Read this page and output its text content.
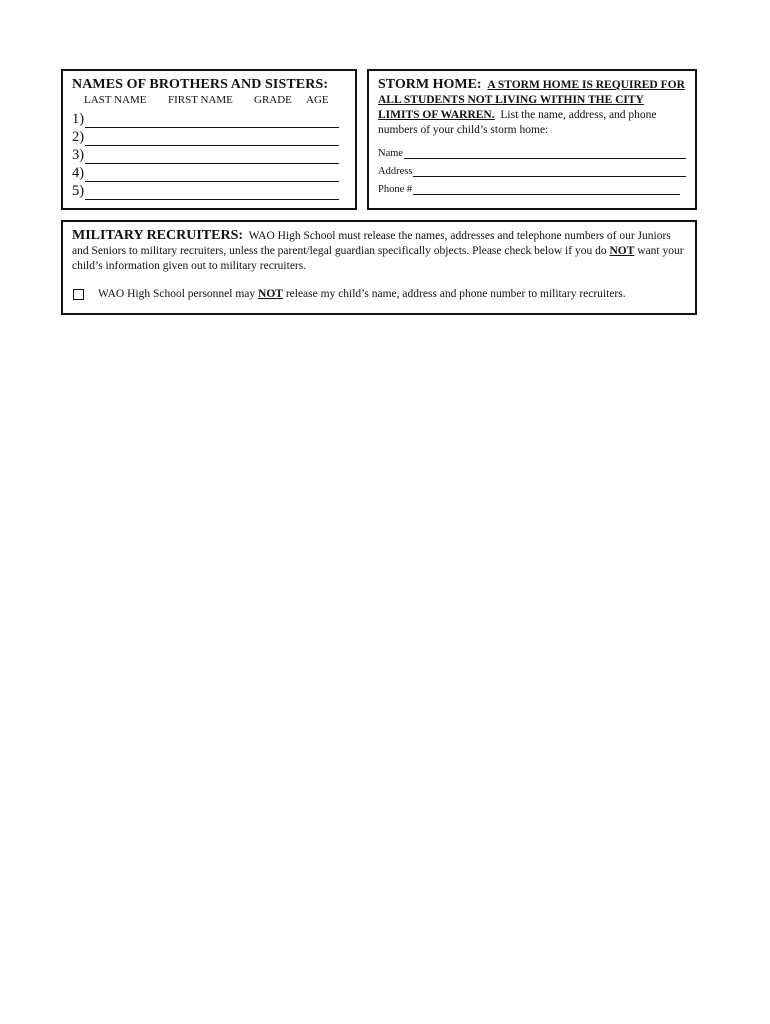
NAMES OF BROTHERS AND SISTERS:
LAST NAME FIRST NAME GRADE AGE
1)
2)
3)
4)
5)
STORM HOME: A STORM HOME IS REQUIRED FOR ALL STUDENTS NOT LIVING WITHIN THE CITY LIMITS OF WARREN. List the name, address, and phone numbers of your child’s storm home:
Name
Address
Phone #

MILITARY RECRUITERS: WAO High School must release the names, addresses and telephone numbers of our Juniors and Seniors to military recruiters, unless the parent/legal guardian specifically objects. Please check below if you do NOT want your child’s information given out to military recruiters.

WAO High School personnel may NOT release my child’s name, address and phone number to military recruiters.
